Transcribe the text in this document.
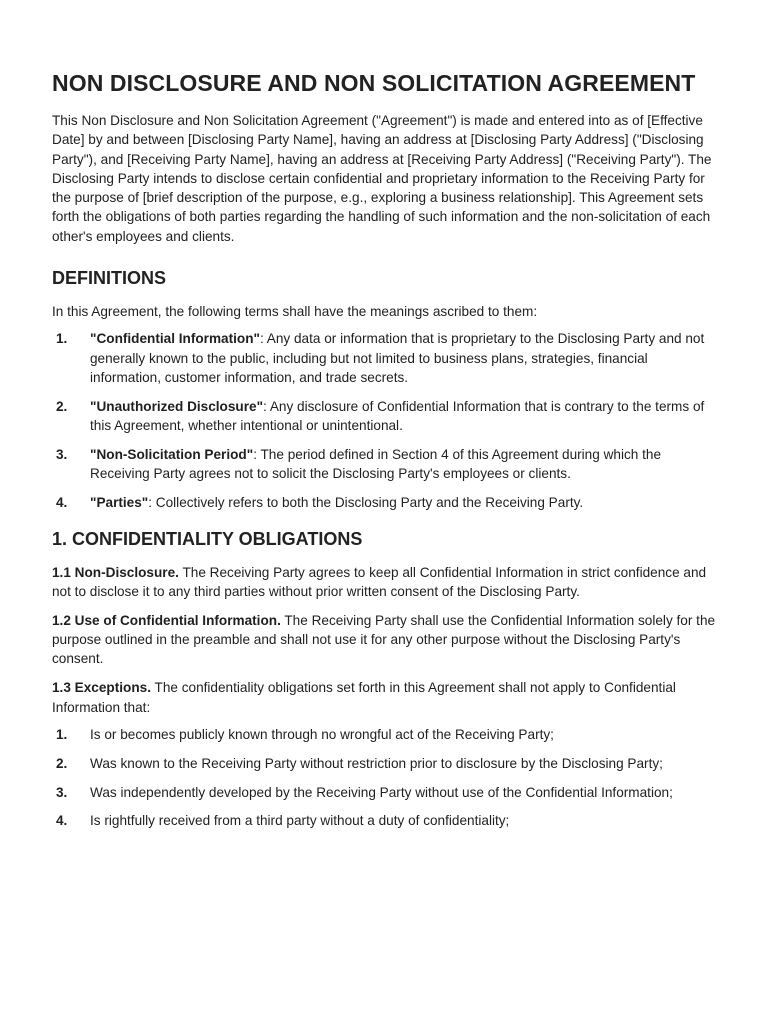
NON DISCLOSURE AND NON SOLICITATION AGREEMENT

This Non Disclosure and Non Solicitation Agreement ("Agreement") is made and entered into as of [Effective Date] by and between [Disclosing Party Name], having an address at [Disclosing Party Address] ("Disclosing Party"), and [Receiving Party Name], having an address at [Receiving Party Address] ("Receiving Party"). The Disclosing Party intends to disclose certain confidential and proprietary information to the Receiving Party for the purpose of [brief description of the purpose, e.g., exploring a business relationship]. This Agreement sets forth the obligations of both parties regarding the handling of such information and the non-solicitation of each other's employees and clients.

DEFINITIONS

In this Agreement, the following terms shall have the meanings ascribed to them:

1. "Confidential Information": Any data or information that is proprietary to the Disclosing Party and not generally known to the public, including but not limited to business plans, strategies, financial information, customer information, and trade secrets.
2. "Unauthorized Disclosure": Any disclosure of Confidential Information that is contrary to the terms of this Agreement, whether intentional or unintentional.
3. "Non-Solicitation Period": The period defined in Section 4 of this Agreement during which the Receiving Party agrees not to solicit the Disclosing Party's employees or clients.
4. "Parties": Collectively refers to both the Disclosing Party and the Receiving Party.
1. CONFIDENTIALITY OBLIGATIONS

1.1 Non-Disclosure. The Receiving Party agrees to keep all Confidential Information in strict confidence and not to disclose it to any third parties without prior written consent of the Disclosing Party.

1.2 Use of Confidential Information. The Receiving Party shall use the Confidential Information solely for the purpose outlined in the preamble and shall not use it for any other purpose without the Disclosing Party's consent.

1.3 Exceptions. The confidentiality obligations set forth in this Agreement shall not apply to Confidential Information that:

1. Is or becomes publicly known through no wrongful act of the Receiving Party;
2. Was known to the Receiving Party without restriction prior to disclosure by the Disclosing Party;
3. Was independently developed by the Receiving Party without use of the Confidential Information;
4. Is rightfully received from a third party without a duty of confidentiality;
